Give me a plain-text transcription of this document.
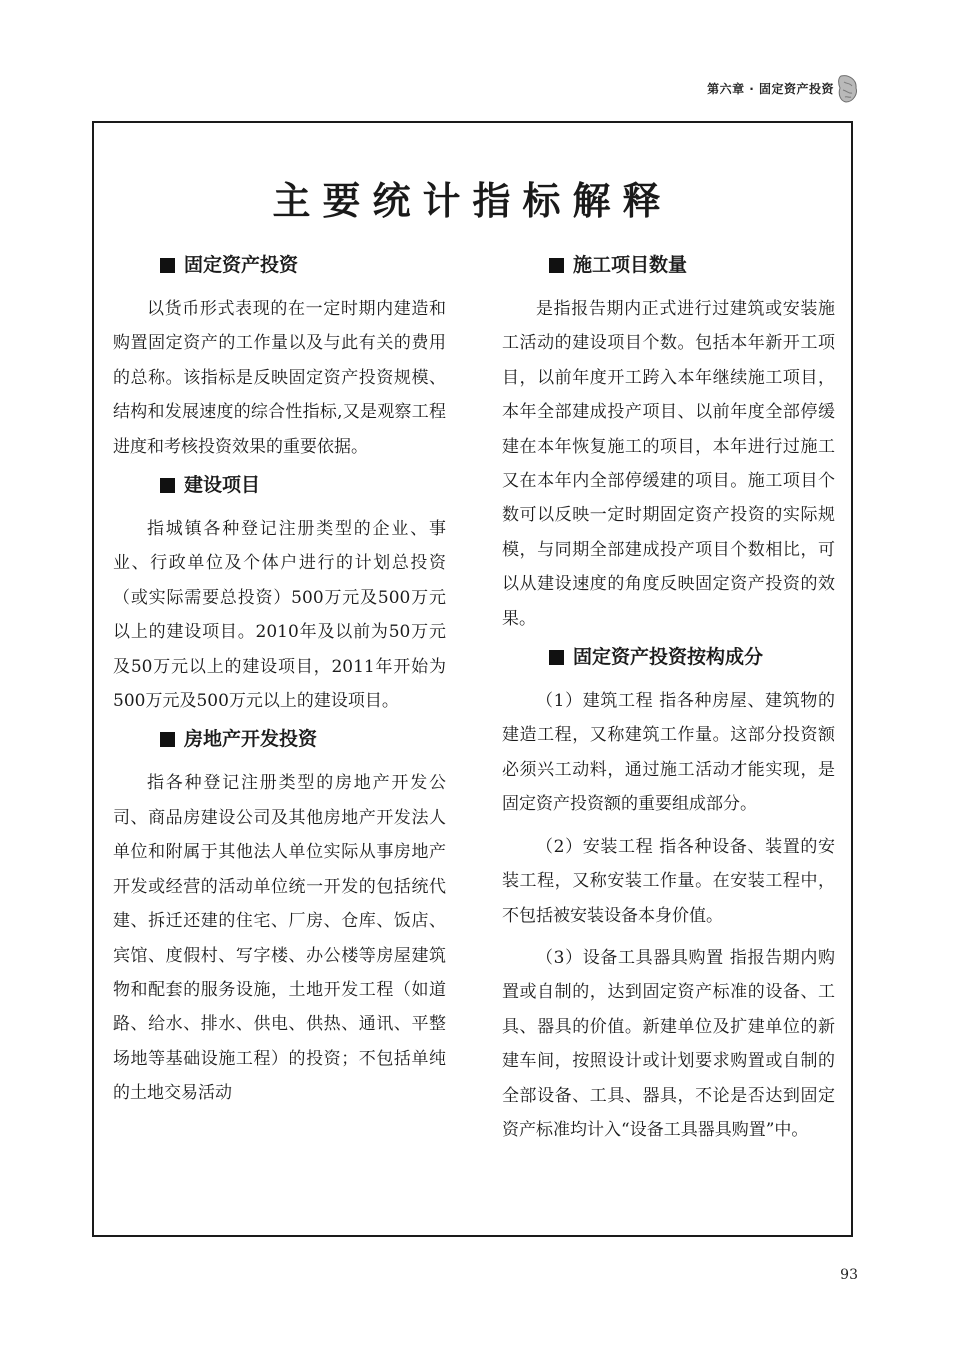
第六章 · 固定资产投资
主要统计指标解释
固定资产投资

以货币形式表现的在一定时期内建造和购置固定资产的工作量以及与此有关的费用的总称。该指标是反映固定资产投资规模、结构和发展速度的综合性指标,又是观察工程进度和考核投资效果的重要依据。

建设项目

指城镇各种登记注册类型的企业、事业、行政单位及个体户进行的计划总投资（或实际需要总投资）500万元及500万元以上的建设项目。2010年及以前为50万元及50万元以上的建设项目，2011年开始为500万元及500万元以上的建设项目。

房地产开发投资

指各种登记注册类型的房地产开发公司、商品房建设公司及其他房地产开发法人单位和附属于其他法人单位实际从事房地产开发或经营的活动单位统一开发的包括统代建、拆迁还建的住宅、厂房、仓库、饭店、宾馆、度假村、写字楼、办公楼等房屋建筑物和配套的服务设施，土地开发工程（如道路、给水、排水、供电、供热、通讯、平整场地等基础设施工程）的投资；不包括单纯的土地交易活动

施工项目数量

是指报告期内正式进行过建筑或安装施工活动的建设项目个数。包括本年新开工项目，以前年度开工跨入本年继续施工项目，本年全部建成投产项目、以前年度全部停缓建在本年恢复施工的项目，本年进行过施工又在本年内全部停缓建的项目。施工项目个数可以反映一定时期固定资产投资的实际规模，与同期全部建成投产项目个数相比，可以从建设速度的角度反映固定资产投资的效果。

固定资产投资按构成分

（1）建筑工程 指各种房屋、建筑物的建造工程，又称建筑工作量。这部分投资额必须兴工动料，通过施工活动才能实现，是固定资产投资额的重要组成部分。

（2）安装工程 指各种设备、装置的安装工程，又称安装工作量。在安装工程中，不包括被安装设备本身价值。

（3）设备工具器具购置 指报告期内购置或自制的，达到固定资产标准的设备、工具、器具的价值。新建单位及扩建单位的新建车间，按照设计或计划要求购置或自制的全部设备、工具、器具，不论是否达到固定资产标准均计入“设备工具器具购置”中。

93
